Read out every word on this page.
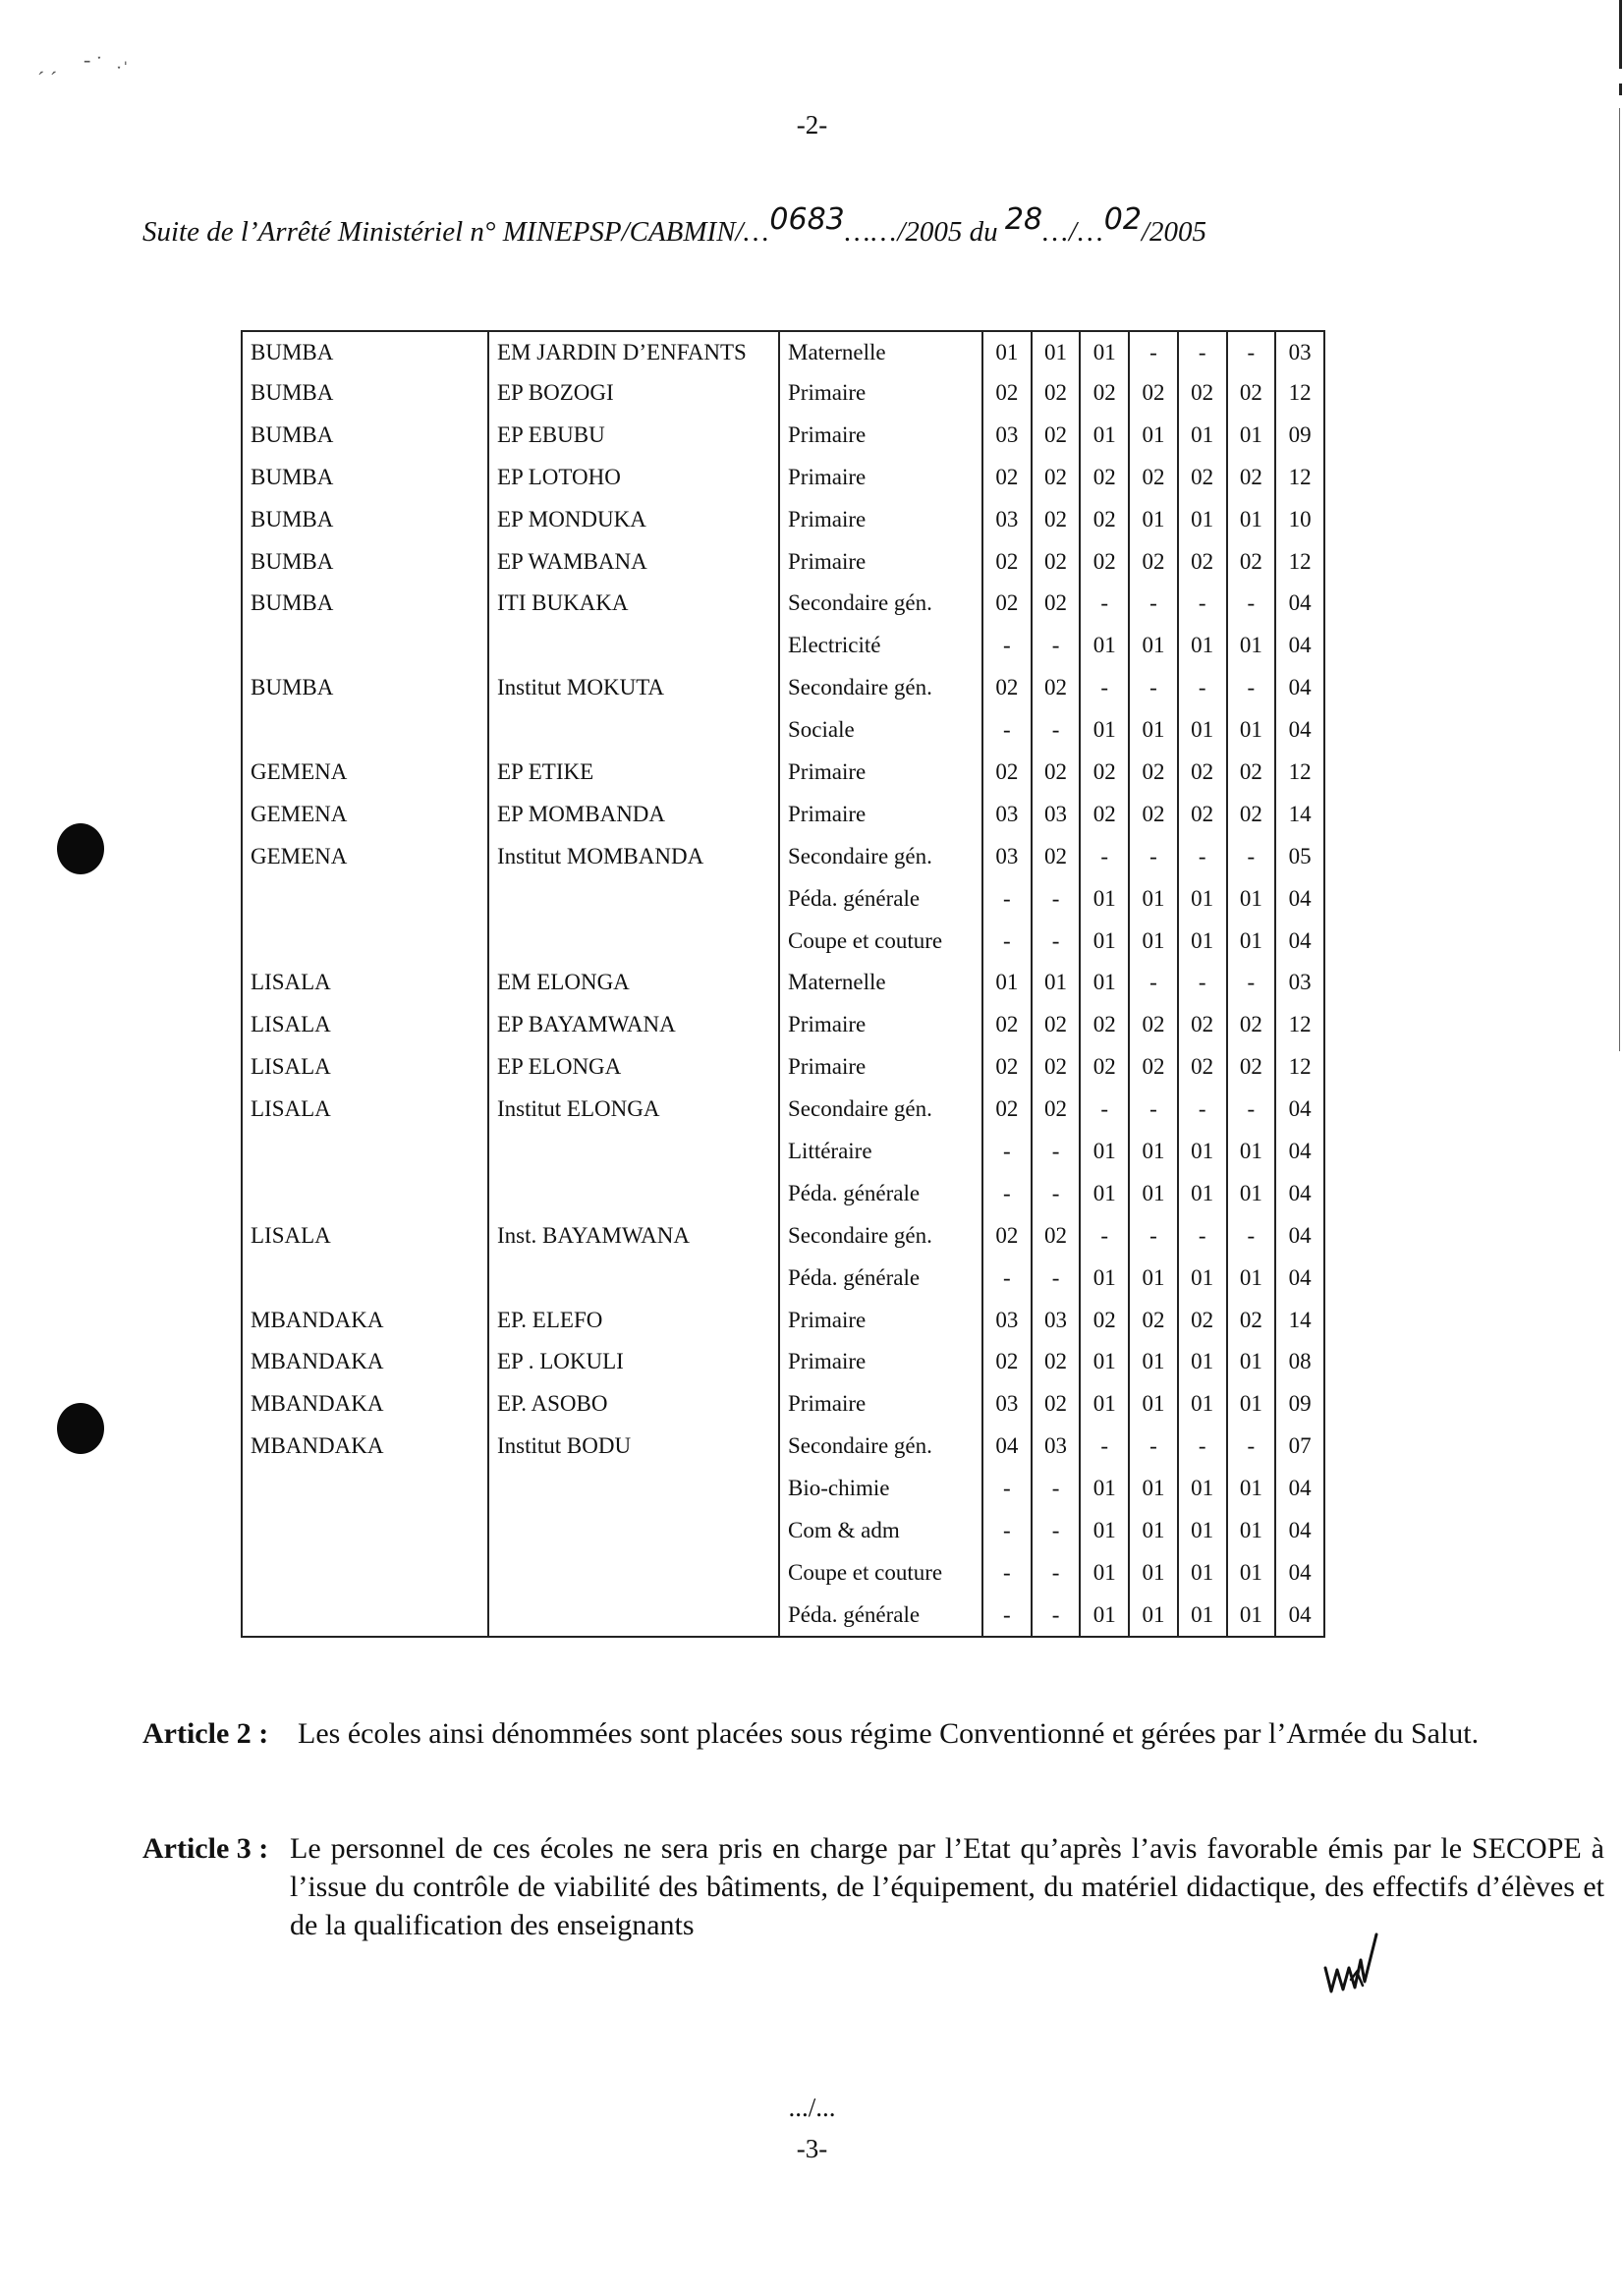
ˊ ˊ
- ˑ ˑˈ
-2-
Suite de l’Arrêté Ministériel n° MINEPSP/CABMIN/…0683……/2005 du 28…/…02/2005
BUMBA	EM JARDIN D’ENFANTS	Maternelle	01	01	01	-	-	-	03
BUMBA	EP BOZOGI	Primaire	02	02	02	02	02	02	12
BUMBA	EP EBUBU	Primaire	03	02	01	01	01	01	09
BUMBA	EP LOTOHO	Primaire	02	02	02	02	02	02	12
BUMBA	EP MONDUKA	Primaire	03	02	02	01	01	01	10
BUMBA	EP WAMBANA	Primaire	02	02	02	02	02	02	12
BUMBA	ITI BUKAKA	Secondaire gén.	02	02	-	-	-	-	04
		Electricité	-	-	01	01	01	01	04
BUMBA	Institut MOKUTA	Secondaire gén.	02	02	-	-	-	-	04
		Sociale	-	-	01	01	01	01	04
GEMENA	EP ETIKE	Primaire	02	02	02	02	02	02	12
GEMENA	EP MOMBANDA	Primaire	03	03	02	02	02	02	14
GEMENA	Institut MOMBANDA	Secondaire gén.	03	02	-	-	-	-	05
		Péda. générale	-	-	01	01	01	01	04
		Coupe et couture	-	-	01	01	01	01	04
LISALA	EM ELONGA	Maternelle	01	01	01	-	-	-	03
LISALA	EP BAYAMWANA	Primaire	02	02	02	02	02	02	12
LISALA	EP ELONGA	Primaire	02	02	02	02	02	02	12
LISALA	Institut ELONGA	Secondaire gén.	02	02	-	-	-	-	04
		Littéraire	-	-	01	01	01	01	04
		Péda. générale	-	-	01	01	01	01	04
LISALA	Inst. BAYAMWANA	Secondaire gén.	02	02	-	-	-	-	04
		Péda. générale	-	-	01	01	01	01	04
MBANDAKA	EP. ELEFO	Primaire	03	03	02	02	02	02	14
MBANDAKA	EP . LOKULI	Primaire	02	02	01	01	01	01	08
MBANDAKA	EP. ASOBO	Primaire	03	02	01	01	01	01	09
MBANDAKA	Institut BODU	Secondaire gén.	04	03	-	-	-	-	07
		Bio-chimie	-	-	01	01	01	01	04
		Com & adm	-	-	01	01	01	01	04
		Coupe et couture	-	-	01	01	01	01	04
		Péda. générale	-	-	01	01	01	01	04
Article 2 : Les écoles ainsi dénommées sont placées sous régime Conventionné et gérées par l’Armée du Salut.
Article 3 : Le personnel de ces écoles ne sera pris en charge par l’Etat qu’après l’avis favorable émis par le SECOPE à l’issue du contrôle de viabilité des bâtiments, de l’équipement, du matériel didactique, des effectifs d’élèves et de la qualification des enseignants
.../...
-3-
